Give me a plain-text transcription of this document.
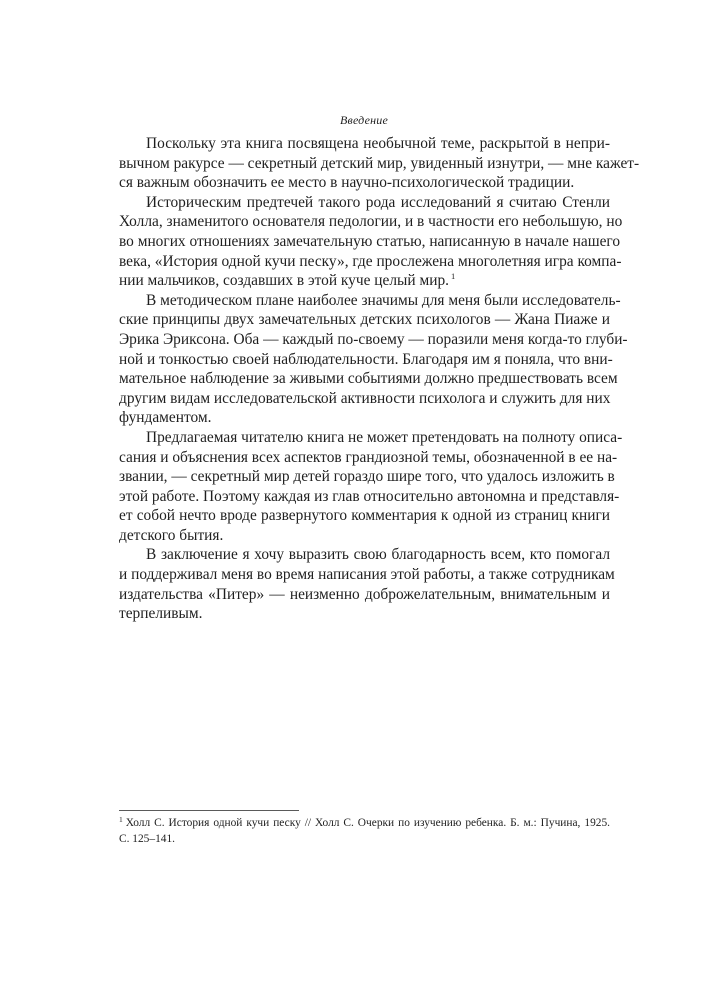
Введение
Поскольку эта книга посвящена необычной теме, раскрытой в непри-
вычном ракурсе — секретный детский мир, увиденный изнутри, — мне кажет-
ся важным обозначить ее место в научно-психологической традиции.
Историческим предтечей такого рода исследований я считаю Стенли
Холла, знаменитого основателя педологии, и в частности его небольшую, но
во многих отношениях замечательную статью, написанную в начале нашего
века, «История одной кучи песку», где прослежена многолетняя игра компа-
нии мальчиков, создавших в этой куче целый мир. $^1$
В методическом плане наиболее значимы для меня были исследователь-
ские принципы двух замечательных детских психологов — Жана Пиаже и
Эрика Эриксона. Оба — каждый по-своему — поразили меня когда-то глуби-
ной и тонкостью своей наблюдательности. Благодаря им я поняла, что вни-
мательное наблюдение за живыми событиями должно предшествовать всем
другим видам исследовательской активности психолога и служить для них
фундаментом.
Предлагаемая читателю книга не может претендовать на полноту описа-
сания и объяснения всех аспектов грандиозной темы, обозначенной в ее на-
звании, — секретный мир детей гораздо шире того, что удалось изложить в
этой работе. Поэтому каждая из глав относительно автономна и представля-
ет собой нечто вроде развернутого комментария к одной из страниц книги
детского бытия.
В заключение я хочу выразить свою благодарность всем, кто помогал
и поддерживал меня во время написания этой работы, а также сотрудникам
издательства «Питер» — неизменно доброжелательным, внимательным и
терпеливым.
$^1$ Холл С. История одной кучи песку // Холл С. Очерки по изучению ребенка. Б. м.: Пучина, 1925.
С. 125–141.
